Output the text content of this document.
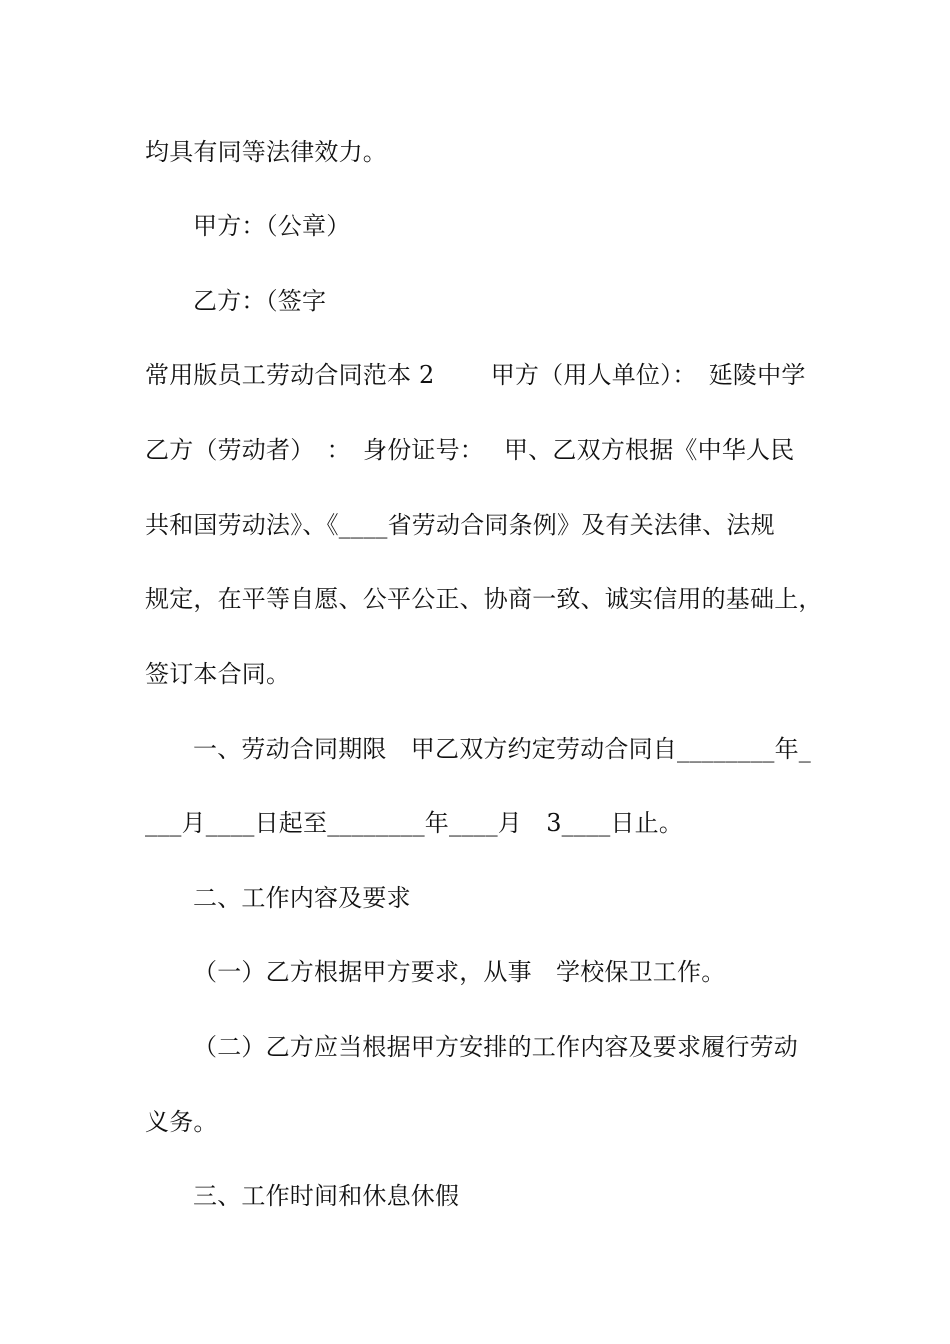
均具有同等法律效力。
甲方：（公章）
乙方：（签字
常用版员工劳动合同范本 2　　 甲方（用人单位）：　延陵中学
乙方（劳动者）　：　身份证号：　 甲、乙双方根据《中华人民
共和国劳动法》、《____省劳动合同条例》及有关法律、法规
规定，在平等自愿、公平公正、协商一致、诚实信用的基础上，
签订本合同。
一、劳动合同期限　甲乙双方约定劳动合同自________年_
___月____日起至________年____月　3____日止。
二、工作内容及要求
（一）乙方根据甲方要求，从事　学校保卫工作。
（二）乙方应当根据甲方安排的工作内容及要求履行劳动
义务。
三、工作时间和休息休假
